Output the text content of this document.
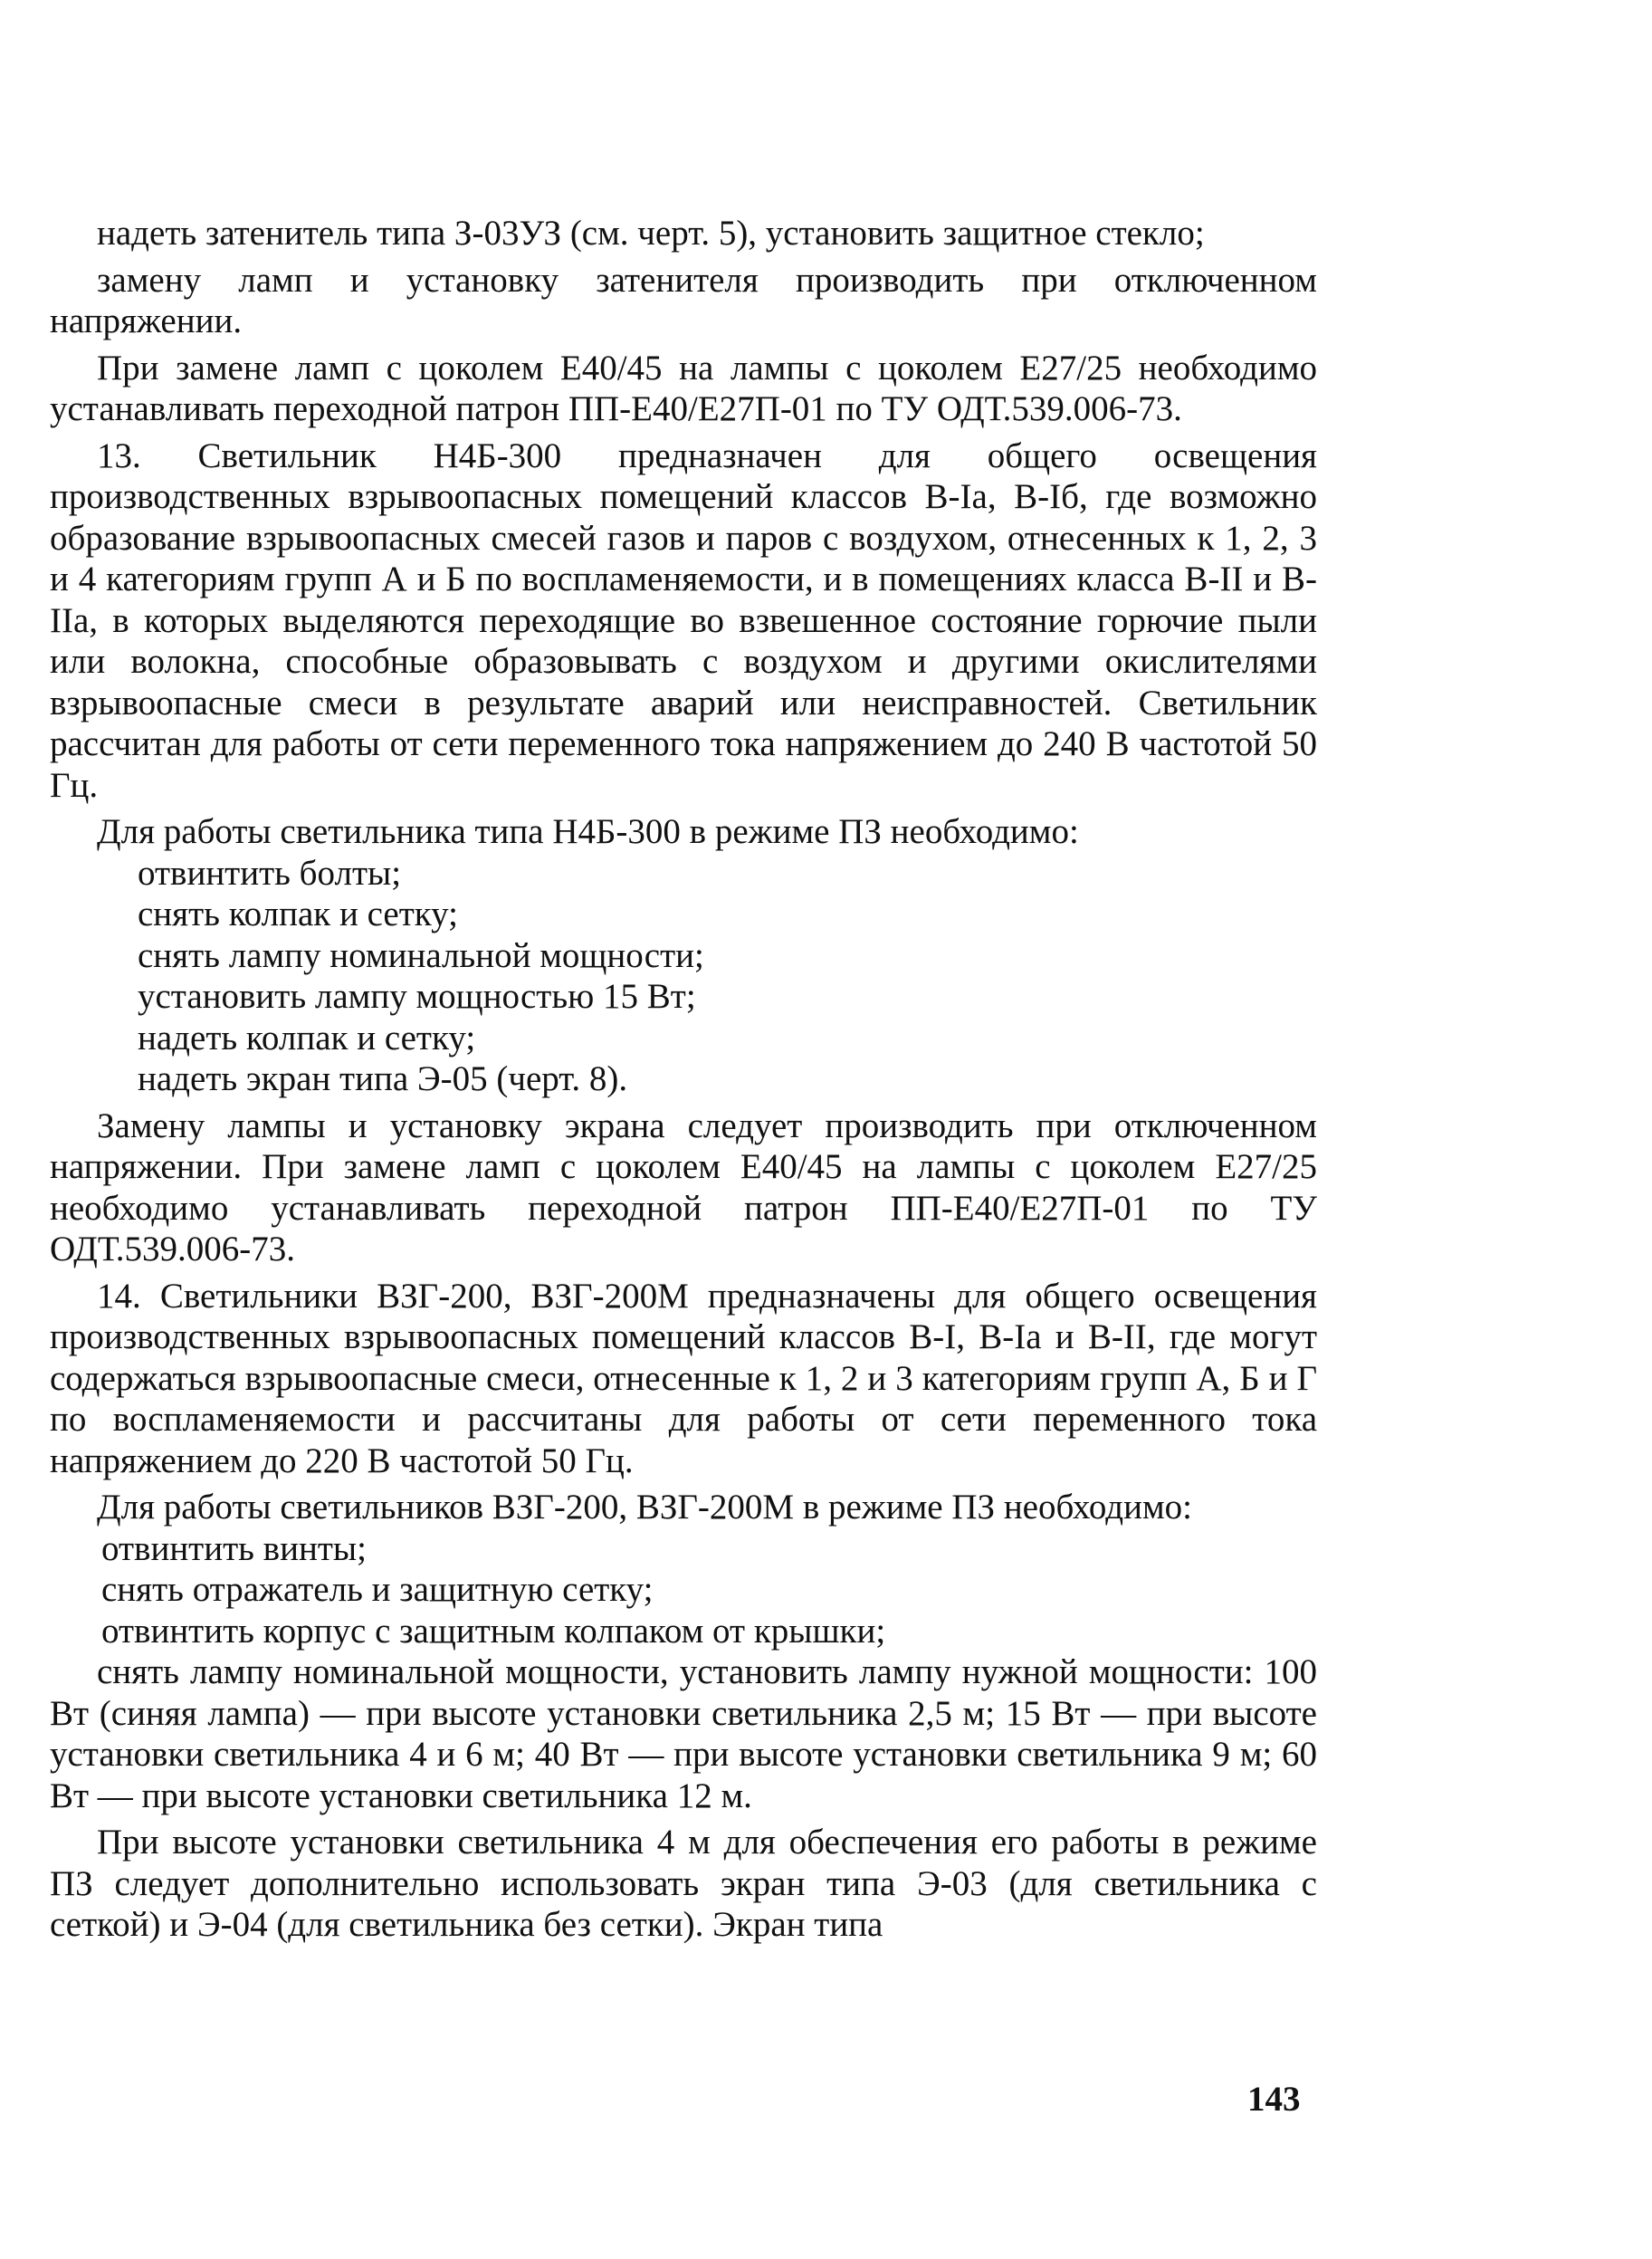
надеть затенитель типа З-03УЗ (см. черт. 5), установить защитное стекло;

замену ламп и установку затенителя производить при отключенном напряжении.

При замене ламп с цоколем Е40/45 на лампы с цоколем Е27/25 необходимо устанавливать переходной патрон ПП-Е40/Е27П-01 по ТУ ОДТ.539.006-73.

13. Светильник Н4Б-300 предназначен для общего освещения производственных взрывоопасных помещений классов В-Iа, В-Iб, где возможно образование взрывоопасных смесей газов и паров с воздухом, отнесенных к 1, 2, 3 и 4 категориям групп А и Б по воспламеняемости, и в помещениях класса В-II и В-IIа, в которых выделяются переходящие во взвешенное состояние горючие пыли или волокна, способные образовывать с воздухом и другими окислителями взрывоопасные смеси в результате аварий или неисправностей. Светильник рассчитан для работы от сети переменного тока напряжением до 240 В частотой 50 Гц.

Для работы светильника типа Н4Б-300 в режиме ПЗ необходимо:

отвинтить болты;

снять колпак и сетку;

снять лампу номинальной мощности;

установить лампу мощностью 15 Вт;

надеть колпак и сетку;

надеть экран типа Э-05 (черт. 8).

Замену лампы и установку экрана следует производить при отключенном напряжении. При замене ламп с цоколем Е40/45 на лампы с цоколем Е27/25 необходимо устанавливать переходной патрон ПП-Е40/Е27П-01 по ТУ ОДТ.539.006-73.

14. Светильники ВЗГ-200, ВЗГ-200М предназначены для общего освещения производственных взрывоопасных помещений классов В-I, В-Iа и В-II, где могут содержаться взрывоопасные смеси, отнесенные к 1, 2 и 3 категориям групп А, Б и Г по воспламеняемости и рассчитаны для работы от сети переменного тока напряжением до 220 В частотой 50 Гц.

Для работы светильников ВЗГ-200, ВЗГ-200М в режиме ПЗ необходимо:

отвинтить винты;

снять отражатель и защитную сетку;

отвинтить корпус с защитным колпаком от крышки;

снять лампу номинальной мощности, установить лампу нужной мощности: 100 Вт (синяя лампа) — при высоте установки светильника 2,5 м; 15 Вт — при высоте установки светильника 4 и 6 м; 40 Вт — при высоте установки светильника 9 м; 60 Вт — при высоте установки светильника 12 м.

При высоте установки светильника 4 м для обеспечения его работы в режиме ПЗ следует дополнительно использовать экран типа Э-03 (для светильника с сеткой) и Э-04 (для светильника без сетки). Экран типа

143
